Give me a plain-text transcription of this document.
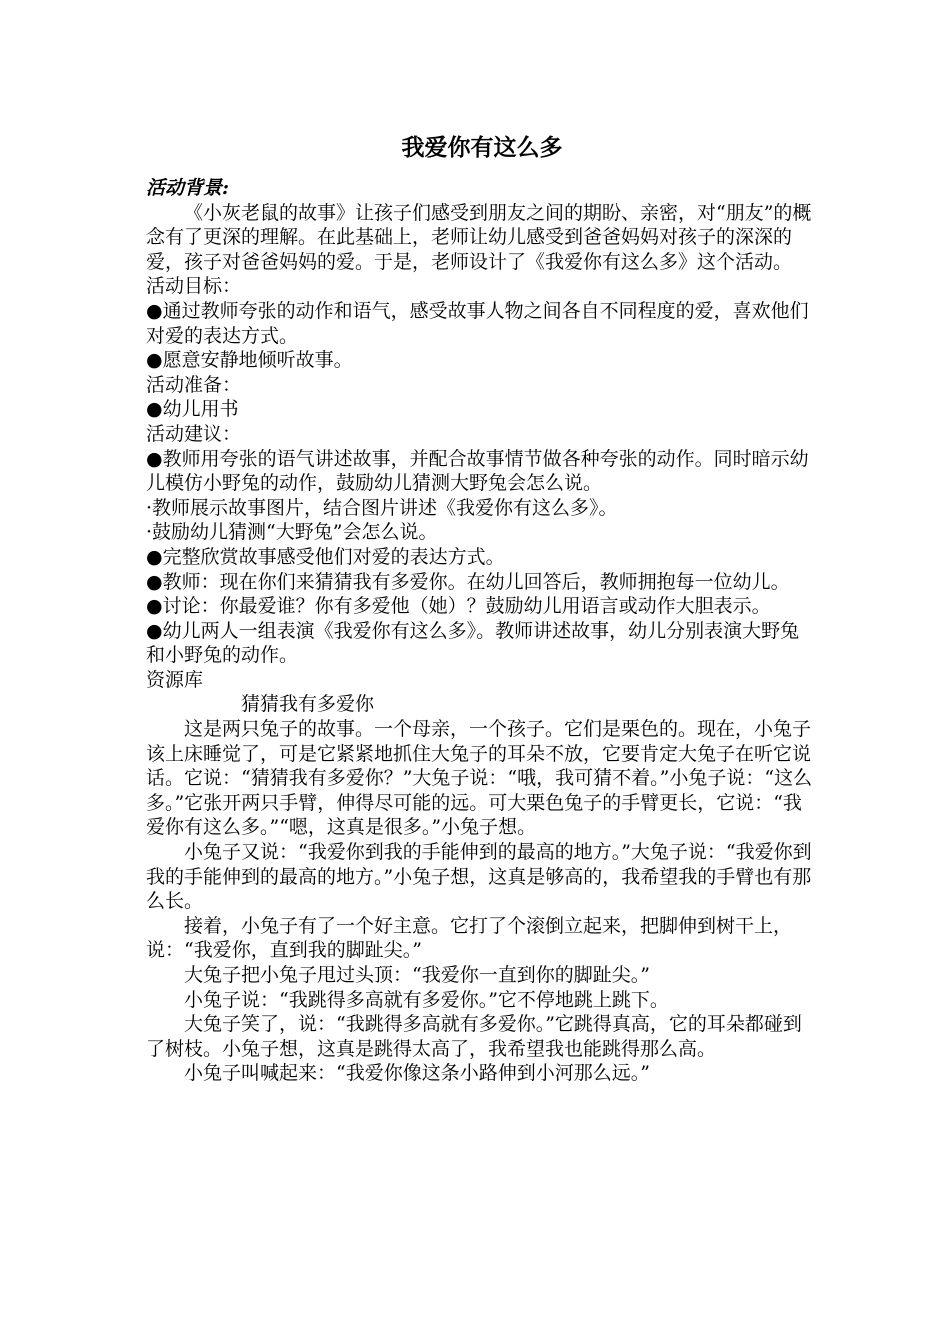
我爱你有这么多

活动背景:

《小灰老鼠的故事》让孩子们感受到朋友之间的期盼、亲密，对“朋友”的概念有了更深的理解。在此基础上，老师让幼儿感受到爸爸妈妈对孩子的深深的爱，孩子对爸爸妈妈的爱。于是，老师设计了《我爱你有这么多》这个活动。

活动目标：

●通过教师夸张的动作和语气，感受故事人物之间各自不同程度的爱，喜欢他们对爱的表达方式。

●愿意安静地倾听故事。

活动准备：

●幼儿用书

活动建议：

●教师用夸张的语气讲述故事，并配合故事情节做各种夸张的动作。同时暗示幼儿模仿小野兔的动作，鼓励幼儿猜测大野兔会怎么说。

·教师展示故事图片，结合图片讲述《我爱你有这么多》。

·鼓励幼儿猜测“大野兔”会怎么说。

●完整欣赏故事感受他们对爱的表达方式。

●教师：现在你们来猜猜我有多爱你。在幼儿回答后，教师拥抱每一位幼儿。

●讨论：你最爱谁？你有多爱他（她）？鼓励幼儿用语言或动作大胆表示。

●幼儿两人一组表演《我爱你有这么多》。教师讲述故事，幼儿分别表演大野兔和小野兔的动作。

资源库

猜猜我有多爱你

这是两只兔子的故事。一个母亲，一个孩子。它们是栗色的。现在，小兔子该上床睡觉了，可是它紧紧地抓住大兔子的耳朵不放，它要肯定大兔子在听它说话。它说：“猜猜我有多爱你？”大兔子说：“哦，我可猜不着。”小兔子说：“这么多。”它张开两只手臂，伸得尽可能的远。可大栗色兔子的手臂更长，它说：“我爱你有这么多。”“嗯，这真是很多。”小兔子想。

小兔子又说：“我爱你到我的手能伸到的最高的地方。”大兔子说：“我爱你到我的手能伸到的最高的地方。”小兔子想，这真是够高的，我希望我的手臂也有那么长。

接着，小兔子有了一个好主意。它打了个滚倒立起来，把脚伸到树干上，说：“我爱你，直到我的脚趾尖。”

大兔子把小兔子甩过头顶：“我爱你一直到你的脚趾尖。”

小兔子说：“我跳得多高就有多爱你。”它不停地跳上跳下。

大兔子笑了，说：“我跳得多高就有多爱你。”它跳得真高，它的耳朵都碰到了树枝。小兔子想，这真是跳得太高了，我希望我也能跳得那么高。

小兔子叫喊起来：“我爱你像这条小路伸到小河那么远。”
